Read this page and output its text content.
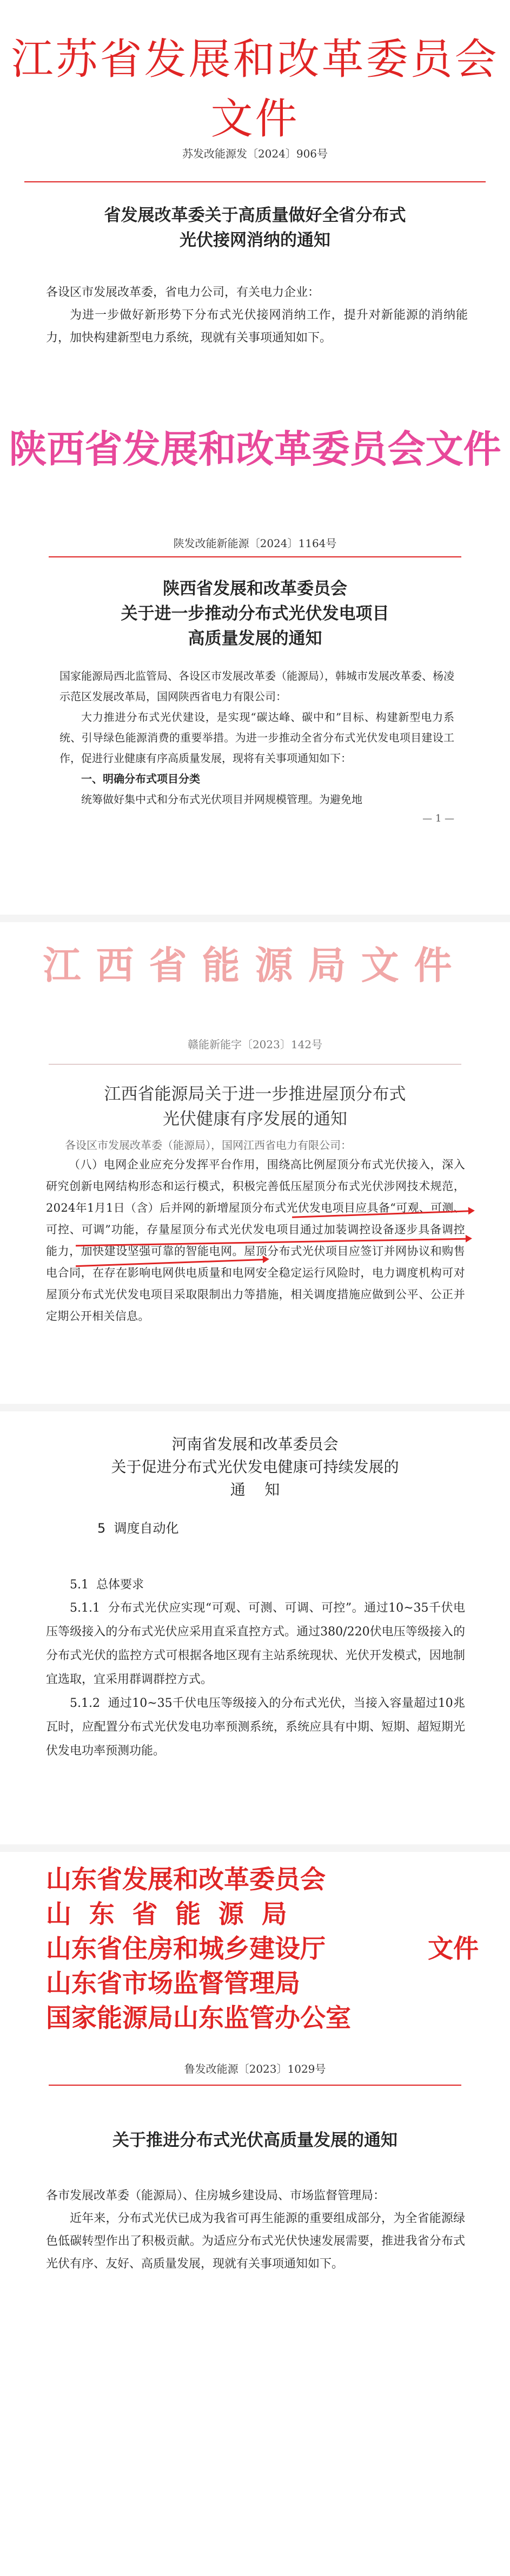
江苏省发展和改革委员会文件

苏发改能源发〔2024〕906号

省发展改革委关于高质量做好全省分布式

光伏接网消纳的通知

各设区市发展改革委，省电力公司，有关电力企业：

为进一步做好新形势下分布式光伏接网消纳工作，提升对新能源的消纳能力，加快构建新型电力系统，现就有关事项通知如下。

陕西省发展和改革委员会文件

陕发改能新能源〔2024〕1164号

陕西省发展和改革委员会

关于进一步推动分布式光伏发电项目

高质量发展的通知

国家能源局西北监管局、各设区市发展改革委（能源局），韩城市发展改革委、杨凌示范区发展改革局，国网陕西省电力有限公司：

大力推进分布式光伏建设，是实现“碳达峰、碳中和”目标、构建新型电力系统、引导绿色能源消费的重要举措。为进一步推动全省分布式光伏发电项目建设工作，促进行业健康有序高质量发展，现将有关事项通知如下：

一、明确分布式项目分类

统筹做好集中式和分布式光伏项目并网规模管理。为避免地

— 1 —

江西省能源局文件

赣能新能字〔2023〕142号

江西省能源局关于进一步推进屋顶分布式

光伏健康有序发展的通知

各设区市发展改革委（能源局），国网江西省电力有限公司：

（八）电网企业应充分发挥平台作用，围绕高比例屋顶分布式光伏接入，深入研究创新电网结构形态和运行模式，积极完善低压屋顶分布式光伏涉网技术规范，2024年1月1日（含）后并网的新增屋顶分布式光伏发电项目应具备“可观、可测、可控、可调”功能，存量屋顶分布式光伏发电项目通过加装调控设备逐步具备调控能力，加快建设坚强可靠的智能电网。屋顶分布式光伏项目应签订并网协议和购售电合同，在存在影响电网供电质量和电网安全稳定运行风险时，电力调度机构可对屋顶分布式光伏发电项目采取限制出力等措施，相关调度措施应做到公平、公正并定期公开相关信息。

河南省发展和改革委员会

关于促进分布式光伏发电健康可持续发展的

通    知

5  调度自动化

5.1  总体要求

5.1.1  分布式光伏应实现“可观、可测、可调、可控”。通过10~35千伏电压等级接入的分布式光伏应采用直采直控方式。通过380/220伏电压等级接入的分布式光伏的监控方式可根据各地区现有主站系统现状、光伏开发模式，因地制宜选取，宜采用群调群控方式。

5.1.2  通过10~35千伏电压等级接入的分布式光伏，当接入容量超过10兆瓦时，应配置分布式光伏发电功率预测系统，系统应具有中期、短期、超短期光伏发电功率预测功能。

山东省发展和改革委员会

山  东  省  能  源  局

山东省住房和城乡建设厅

山东省市场监督管理局

国家能源局山东监管办公室

文件

鲁发改能源〔2023〕1029号

关于推进分布式光伏高质量发展的通知

各市发展改革委（能源局）、住房城乡建设局、市场监督管理局：

近年来，分布式光伏已成为我省可再生能源的重要组成部分，为全省能源绿色低碳转型作出了积极贡献。为适应分布式光伏快速发展需要，推进我省分布式光伏有序、友好、高质量发展，现就有关事项通知如下。
